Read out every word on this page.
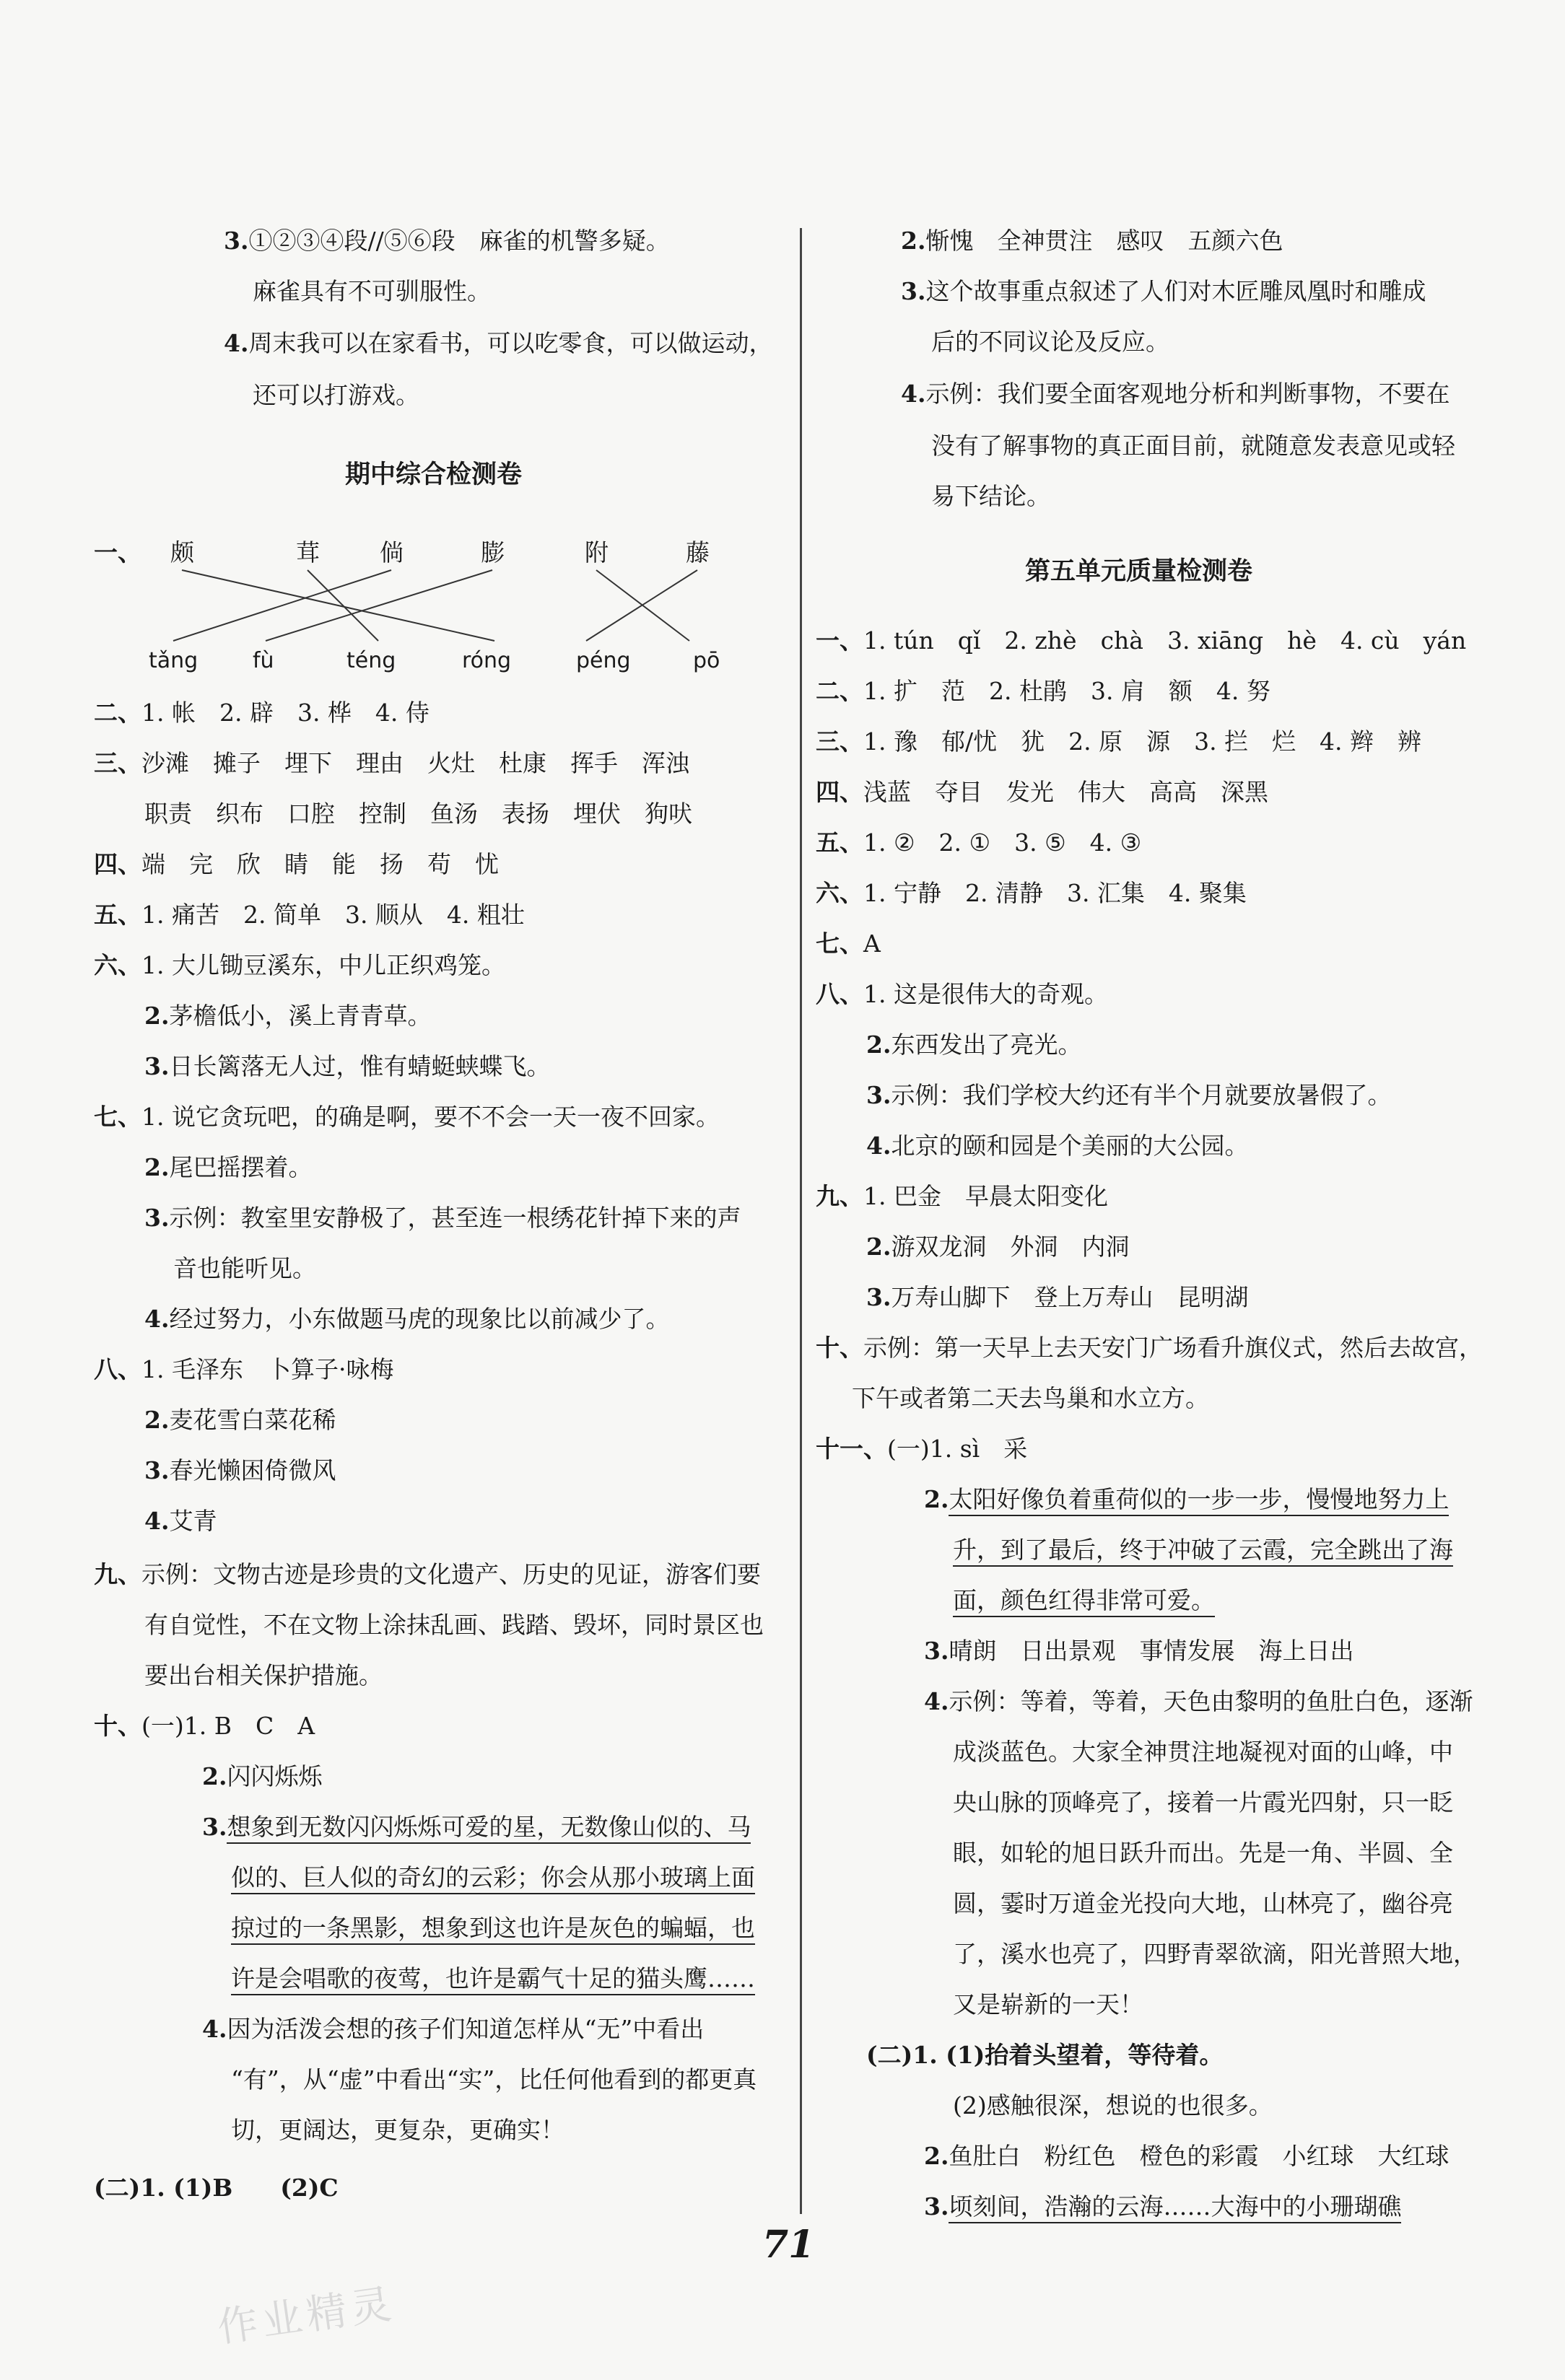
3.①②③④段//⑤⑥段　麻雀的机警多疑。
麻雀具有不可驯服性。
4.周末我可以在家看书，可以吃零食，可以做运动，
还可以打游戏。
期中综合检测卷
一、 颇	茸	倘	膨	附	藤
tǎng	fù	téng	róng	péng	pō
二、1. 帐　2. 辟　3. 桦　4. 侍
三、沙滩　摊子　埋下　理由　火灶　杜康　挥手　浑浊
职责　织布　口腔　控制　鱼汤　表扬　埋伏　狗吠
四、端　完　欣　睛　能　扬　苟　忧
五、1. 痛苦　2. 简单　3. 顺从　4. 粗壮
六、1. 大儿锄豆溪东，中儿正织鸡笼。
2.茅檐低小，溪上青青草。
3.日长篱落无人过，惟有蜻蜓蛱蝶飞。
七、1. 说它贪玩吧，的确是啊，要不不会一天一夜不回家。
2.尾巴摇摆着。
3.示例：教室里安静极了，甚至连一根绣花针掉下来的声
音也能听见。
4.经过努力，小东做题马虎的现象比以前减少了。
八、1. 毛泽东　卜算子·咏梅
2.麦花雪白菜花稀
3.春光懒困倚微风
4.艾青
九、示例：文物古迹是珍贵的文化遗产、历史的见证，游客们要
有自觉性，不在文物上涂抹乱画、践踏、毁坏，同时景区也
要出台相关保护措施。
十、(一)1. B　C　A
2.闪闪烁烁
3.想象到无数闪闪烁烁可爱的星，无数像山似的、马
似的、巨人似的奇幻的云彩；你会从那小玻璃上面
掠过的一条黑影，想象到这也许是灰色的蝙蝠，也
许是会唱歌的夜莺，也许是霸气十足的猫头鹰……
4.因为活泼会想的孩子们知道怎样从“无”中看出
“有”，从“虚”中看出“实”，比任何他看到的都更真
切，更阔达，更复杂，更确实！
(二)1. (1)B　　(2)C
2.惭愧　全神贯注　感叹　五颜六色
3.这个故事重点叙述了人们对木匠雕凤凰时和雕成
后的不同议论及反应。
4.示例：我们要全面客观地分析和判断事物，不要在
没有了解事物的真正面目前，就随意发表意见或轻
易下结论。
第五单元质量检测卷
一、1. tún　qǐ　2. zhè　chà　3. xiāng　hè　4. cù　yán
二、1. 扩　范　2. 杜鹃　3. 肩　额　4. 努
三、1. 豫　郁/忧　犹　2. 原　源　3. 拦　烂　4. 辫　辨
四、浅蓝　夺目　发光　伟大　高高　深黑
五、1. ②　2. ①　3. ⑤　4. ③
六、1. 宁静　2. 清静　3. 汇集　4. 聚集
七、A
八、1. 这是很伟大的奇观。
2.东西发出了亮光。
3.示例：我们学校大约还有半个月就要放暑假了。
4.北京的颐和园是个美丽的大公园。
九、1. 巴金　早晨太阳变化
2.游双龙洞　外洞　内洞
3.万寿山脚下　登上万寿山　昆明湖
十、示例：第一天早上去天安门广场看升旗仪式，然后去故宫，
下午或者第二天去鸟巢和水立方。
十一、(一)1. sì　采
2.太阳好像负着重荷似的一步一步，慢慢地努力上
升，到了最后，终于冲破了云霞，完全跳出了海
面，颜色红得非常可爱。
3.晴朗　日出景观　事情发展　海上日出
4.示例：等着，等着，天色由黎明的鱼肚白色，逐渐
成淡蓝色。大家全神贯注地凝视对面的山峰，中
央山脉的顶峰亮了，接着一片霞光四射，只一眨
眼，如轮的旭日跃升而出。先是一角、半圆、全
圆，霎时万道金光投向大地，山林亮了，幽谷亮
了，溪水也亮了，四野青翠欲滴，阳光普照大地，
又是崭新的一天！
(二)1. (1)抬着头望着，等待着。
(2)感触很深，想说的也很多。
2.鱼肚白　粉红色　橙色的彩霞　小红球　大红球
3.顷刻间，浩瀚的云海……大海中的小珊瑚礁
71
作业精灵
